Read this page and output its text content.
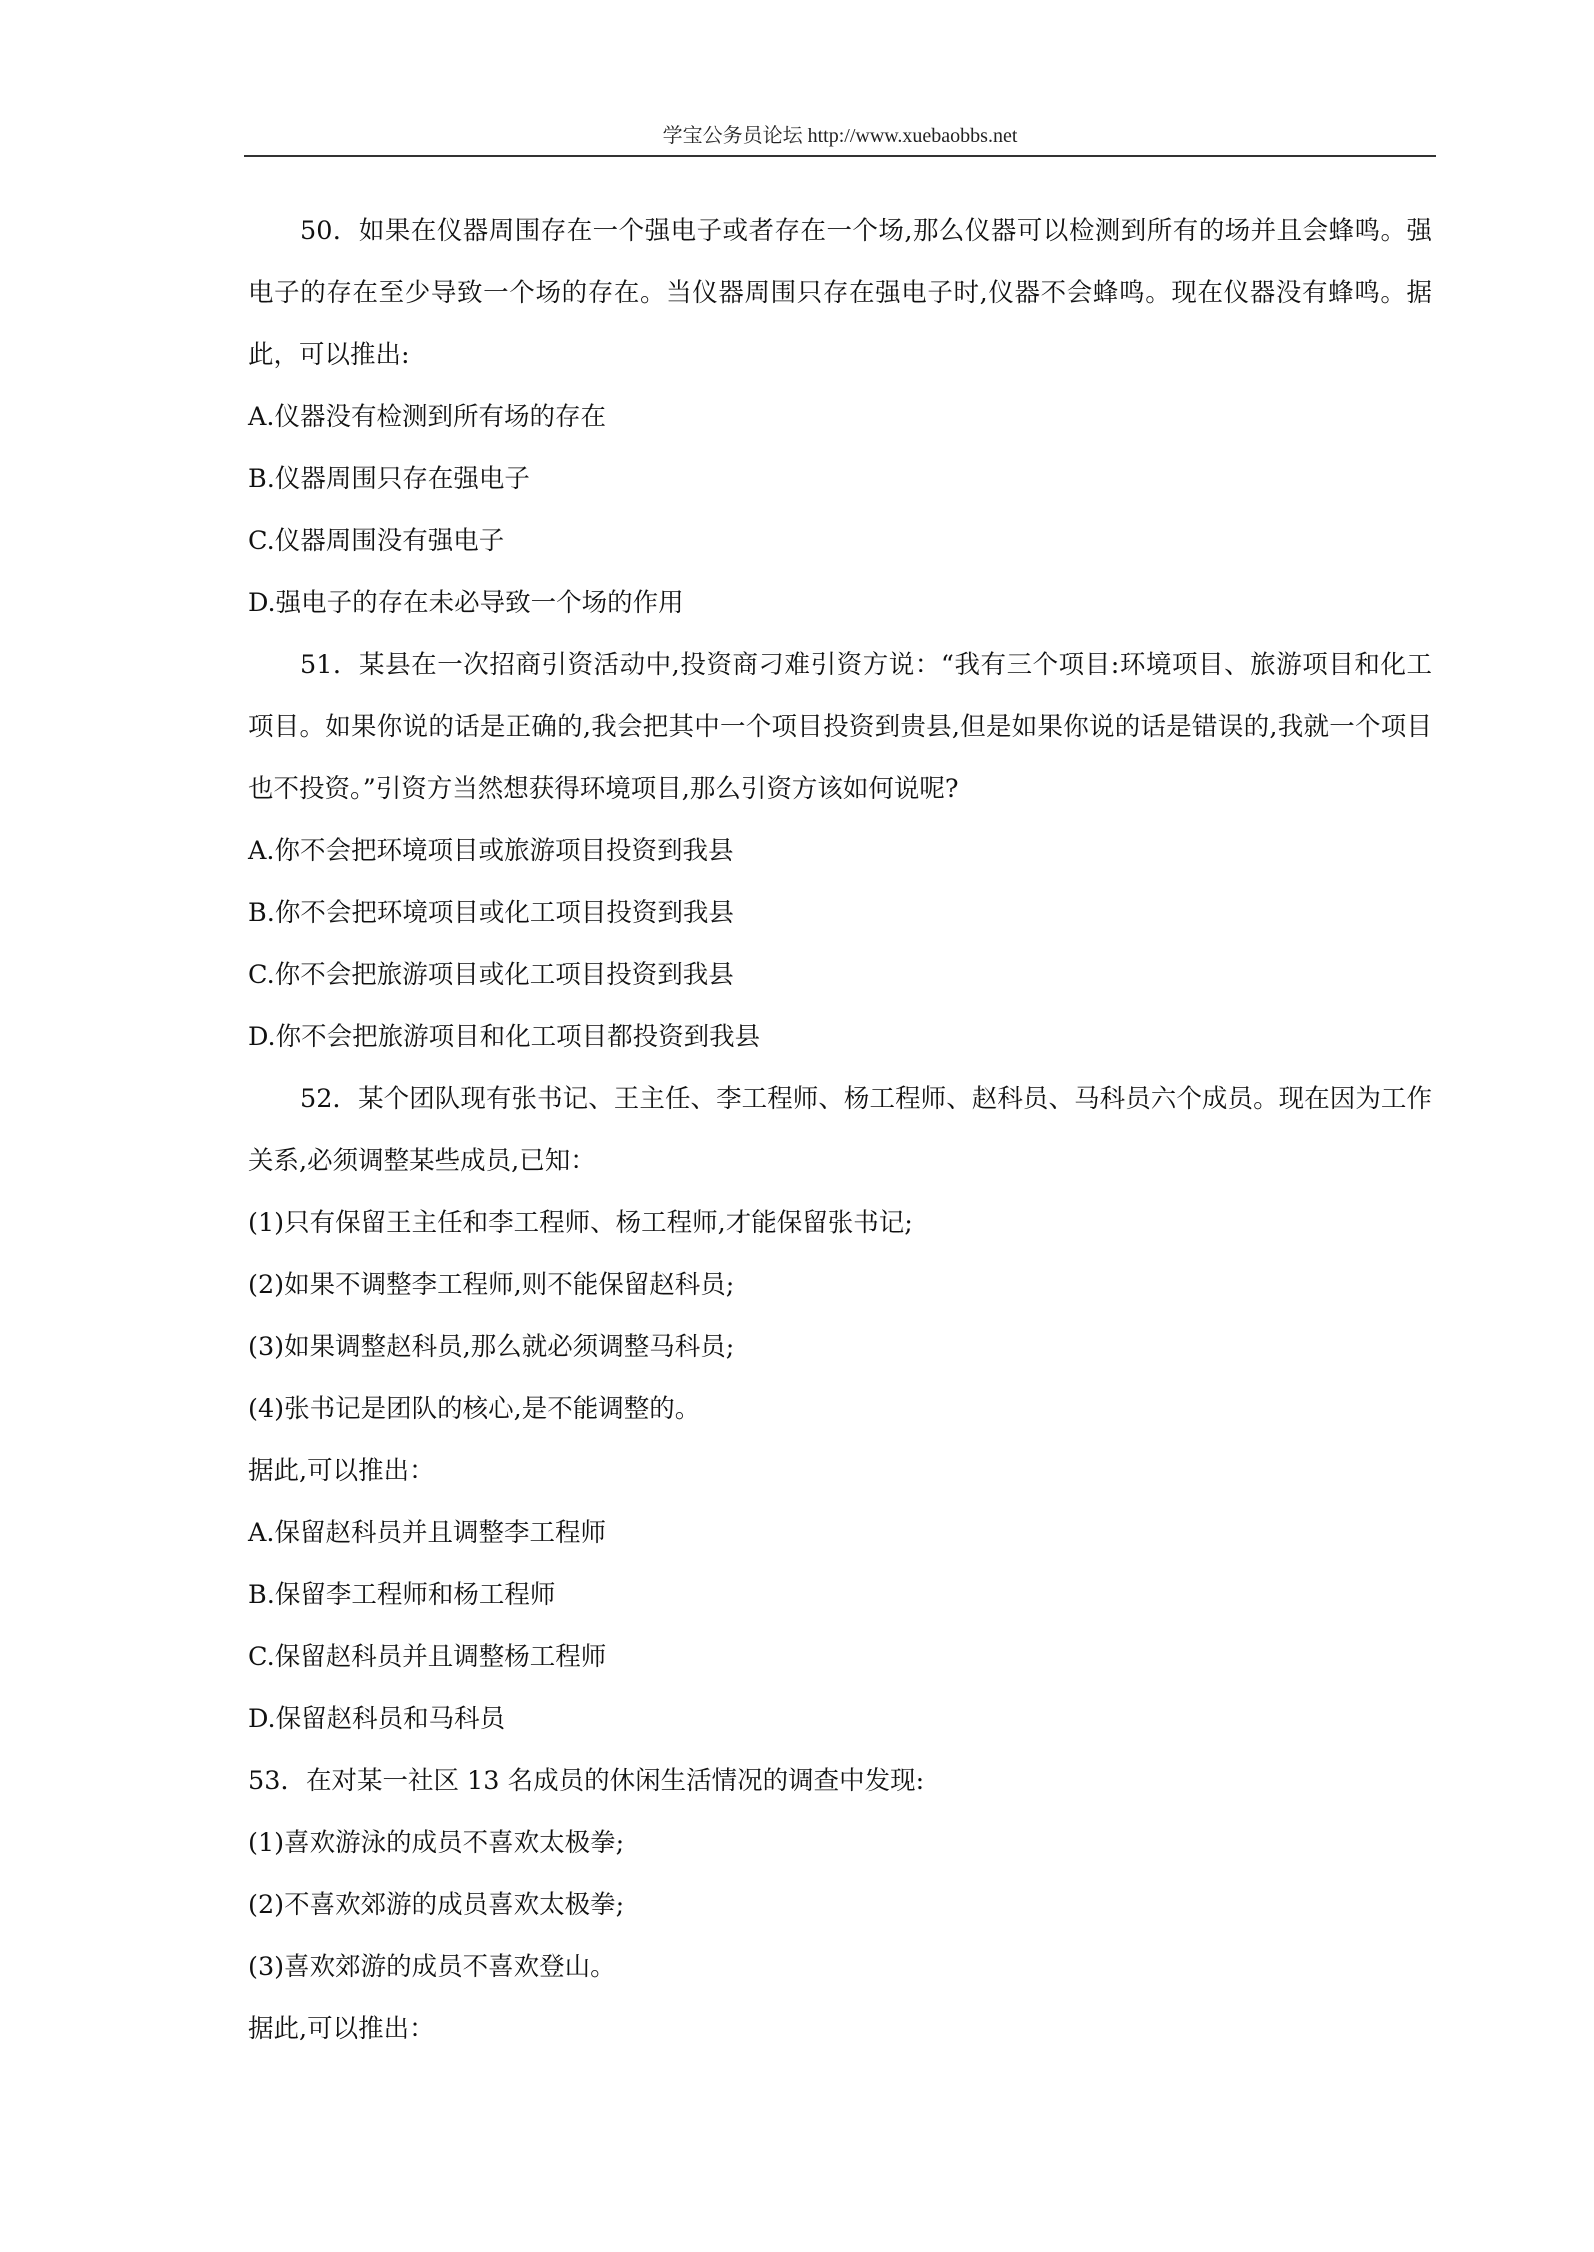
学宝公务员论坛 http://www.xuebaobbs.net

50．如果在仪器周围存在一个强电子或者存在一个场,那么仪器可以检测到所有的场并且会蜂鸣。强电子的存在至少导致一个场的存在。当仪器周围只存在强电子时,仪器不会蜂鸣。现在仪器没有蜂鸣。据此，可以推出:

A.仪器没有检测到所有场的存在

B.仪器周围只存在强电子

C.仪器周围没有强电子

D.强电子的存在未必导致一个场的作用

51．某县在一次招商引资活动中,投资商刁难引资方说：“我有三个项目:环境项目、旅游项目和化工项目。如果你说的话是正确的,我会把其中一个项目投资到贵县,但是如果你说的话是错误的,我就一个项目也不投资。”引资方当然想获得环境项目,那么引资方该如何说呢?

A.你不会把环境项目或旅游项目投资到我县

B.你不会把环境项目或化工项目投资到我县

C.你不会把旅游项目或化工项目投资到我县

D.你不会把旅游项目和化工项目都投资到我县

52．某个团队现有张书记、王主任、李工程师、杨工程师、赵科员、马科员六个成员。现在因为工作关系,必须调整某些成员,已知：

(1)只有保留王主任和李工程师、杨工程师,才能保留张书记;

(2)如果不调整李工程师,则不能保留赵科员;

(3)如果调整赵科员,那么就必须调整马科员;

(4)张书记是团队的核心,是不能调整的。

据此,可以推出：

A.保留赵科员并且调整李工程师

B.保留李工程师和杨工程师

C.保留赵科员并且调整杨工程师

D.保留赵科员和马科员

53．在对某一社区 13 名成员的休闲生活情况的调查中发现:

(1)喜欢游泳的成员不喜欢太极拳;

(2)不喜欢郊游的成员喜欢太极拳;

(3)喜欢郊游的成员不喜欢登山。

据此,可以推出：
